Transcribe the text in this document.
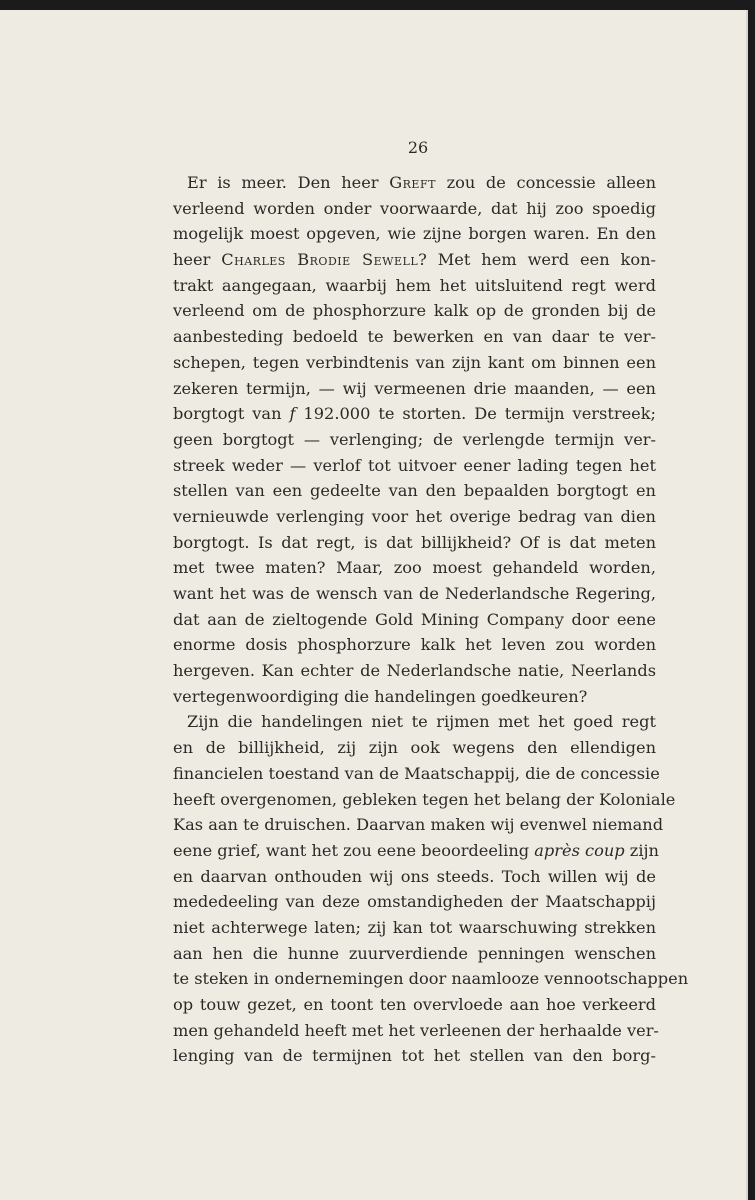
26
Er is meer. Den heer Greft zou de concessie alleen
verleend worden onder voorwaarde, dat hij zoo spoedig
mogelijk moest opgeven, wie zijne borgen waren. En den
heer Charles Brodie Sewell? Met hem werd een kon-
trakt aangegaan, waarbij hem het uitsluitend regt werd
verleend om de phosphorzure kalk op de gronden bij de
aanbesteding bedoeld te bewerken en van daar te ver-
schepen, tegen verbindtenis van zijn kant om binnen een
zekeren termijn, — wij vermeenen drie maanden, — een
borgtogt van f 192.000 te storten. De termijn verstreek;
geen borgtogt — verlenging; de verlengde termijn ver-
streek weder — verlof tot uitvoer eener lading tegen het
stellen van een gedeelte van den bepaalden borgtogt en
vernieuwde verlenging voor het overige bedrag van dien
borgtogt. Is dat regt, is dat billijkheid? Of is dat meten
met twee maten? Maar, zoo moest gehandeld worden,
want het was de wensch van de Nederlandsche Regering,
dat aan de zieltogende Gold Mining Company door eene
enorme dosis phosphorzure kalk het leven zou worden
hergeven. Kan echter de Nederlandsche natie, Neerlands
vertegenwoordiging die handelingen goedkeuren?
Zijn die handelingen niet te rijmen met het goed regt
en de billijkheid, zij zijn ook wegens den ellendigen
financielen toestand van de Maatschappij, die de concessie
heeft overgenomen, gebleken tegen het belang der Koloniale
Kas aan te druischen. Daarvan maken wij evenwel niemand
eene grief, want het zou eene beoordeeling après coup zijn
en daarvan onthouden wij ons steeds. Toch willen wij de
mededeeling van deze omstandigheden der Maatschappij
niet achterwege laten; zij kan tot waarschuwing strekken
aan hen die hunne zuurverdiende penningen wenschen
te steken in ondernemingen door naamlooze vennootschappen
op touw gezet, en toont ten overvloede aan hoe verkeerd
men gehandeld heeft met het verleenen der herhaalde ver-
lenging van de termijnen tot het stellen van den borg-
